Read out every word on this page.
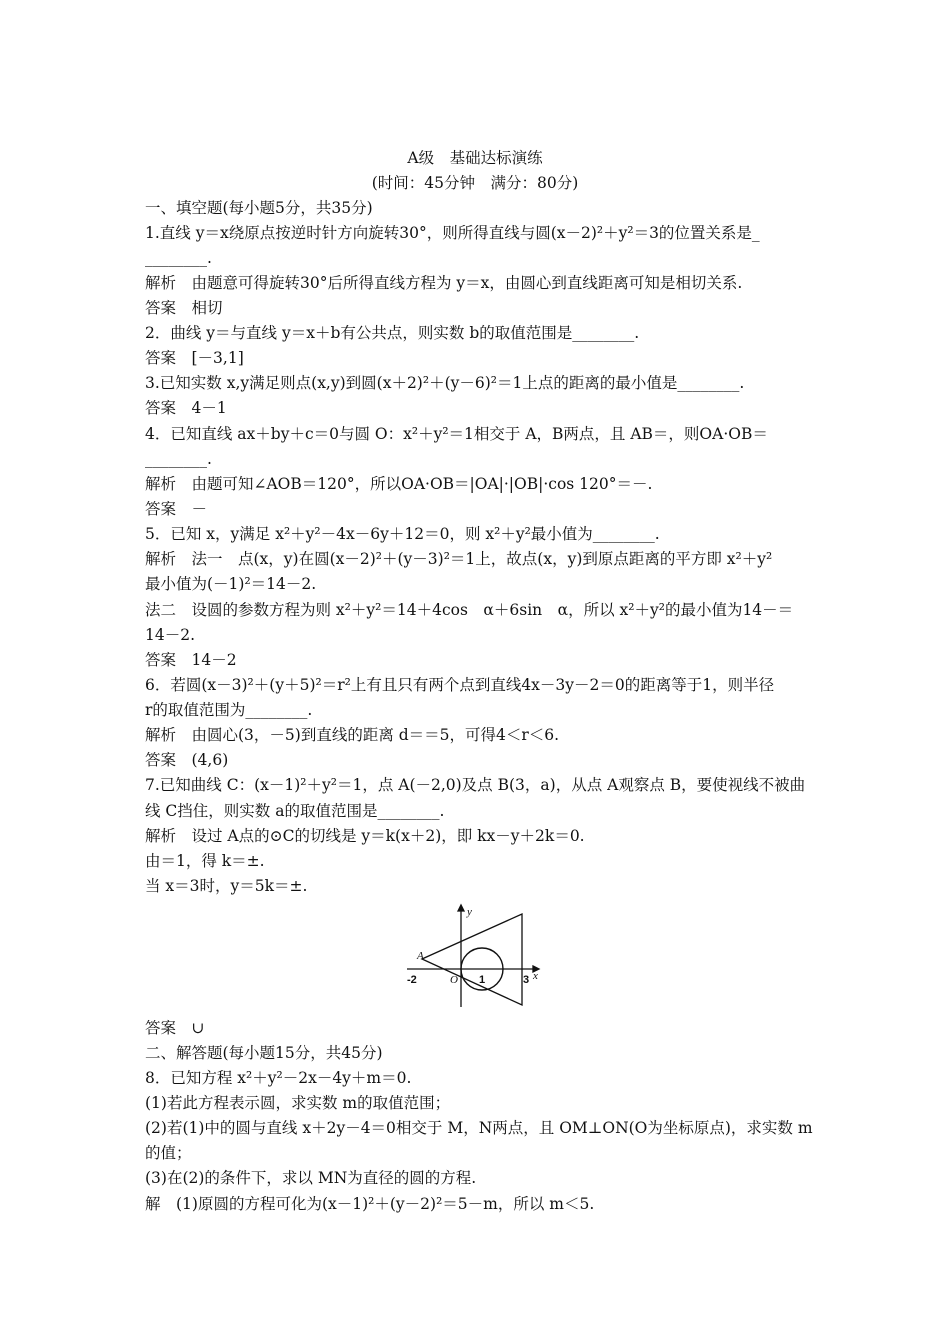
A级　基础达标演练
(时间：45分钟　满分：80分)
一、填空题(每小题5分，共35分)
1.直线 y＝x绕原点按逆时针方向旋转30°，则所得直线与圆(x－2)²＋y²＝3的位置关系是_
________.
解析　由题意可得旋转30°后所得直线方程为 y＝x，由圆心到直线距离可知是相切关系.
答案　相切
2．曲线 y＝与直线 y＝x＋b有公共点，则实数 b的取值范围是________.
答案　[－3,1]
3.已知实数 x,y满足则点(x,y)到圆(x＋2)²＋(y－6)²＝1上点的距离的最小值是________.
答案　4－1
4．已知直线 ax＋by＋c＝0与圆 O：x²＋y²＝1相交于 A，B两点，且 AB＝，则OA·OB＝
________.
解析　由题可知∠AOB＝120°，所以OA·OB＝|OA|·|OB|·cos 120°＝－.
答案　－
5．已知 x，y满足 x²＋y²－4x－6y＋12＝0，则 x²＋y²最小值为________.
解析　法一　点(x，y)在圆(x－2)²＋(y－3)²＝1上，故点(x，y)到原点距离的平方即 x²＋y²
最小值为(－1)²＝14－2.
法二　设圆的参数方程为则 x²＋y²＝14＋4cos　α＋6sin　α，所以 x²＋y²的最小值为14－＝
14－2.
答案　14－2
6．若圆(x－3)²＋(y＋5)²＝r²上有且只有两个点到直线4x－3y－2＝0的距离等于1，则半径
r的取值范围为________.
解析　由圆心(3，－5)到直线的距离 d＝＝5，可得4＜r＜6.
答案　(4,6)
7.已知曲线 C：(x－1)²＋y²＝1，点 A(－2,0)及点 B(3，a)，从点 A观察点 B，要使视线不被曲
线 C挡住，则实数 a的取值范围是________.
解析　设过 A点的⊙C的切线是 y＝k(x＋2)，即 kx－y＋2k＝0.
由＝1，得 k＝±.
当 x＝3时，y＝5k＝±.
y
x
A
O
-2	1	3
答案　∪
二、解答题(每小题15分，共45分)
8．已知方程 x²＋y²－2x－4y＋m＝0.
(1)若此方程表示圆，求实数 m的取值范围；
(2)若(1)中的圆与直线 x＋2y－4＝0相交于 M，N两点，且 OM⊥ON(O为坐标原点)，求实数 m
的值；
(3)在(2)的条件下，求以 MN为直径的圆的方程.
解　(1)原圆的方程可化为(x－1)²＋(y－2)²＝5－m，所以 m＜5.
